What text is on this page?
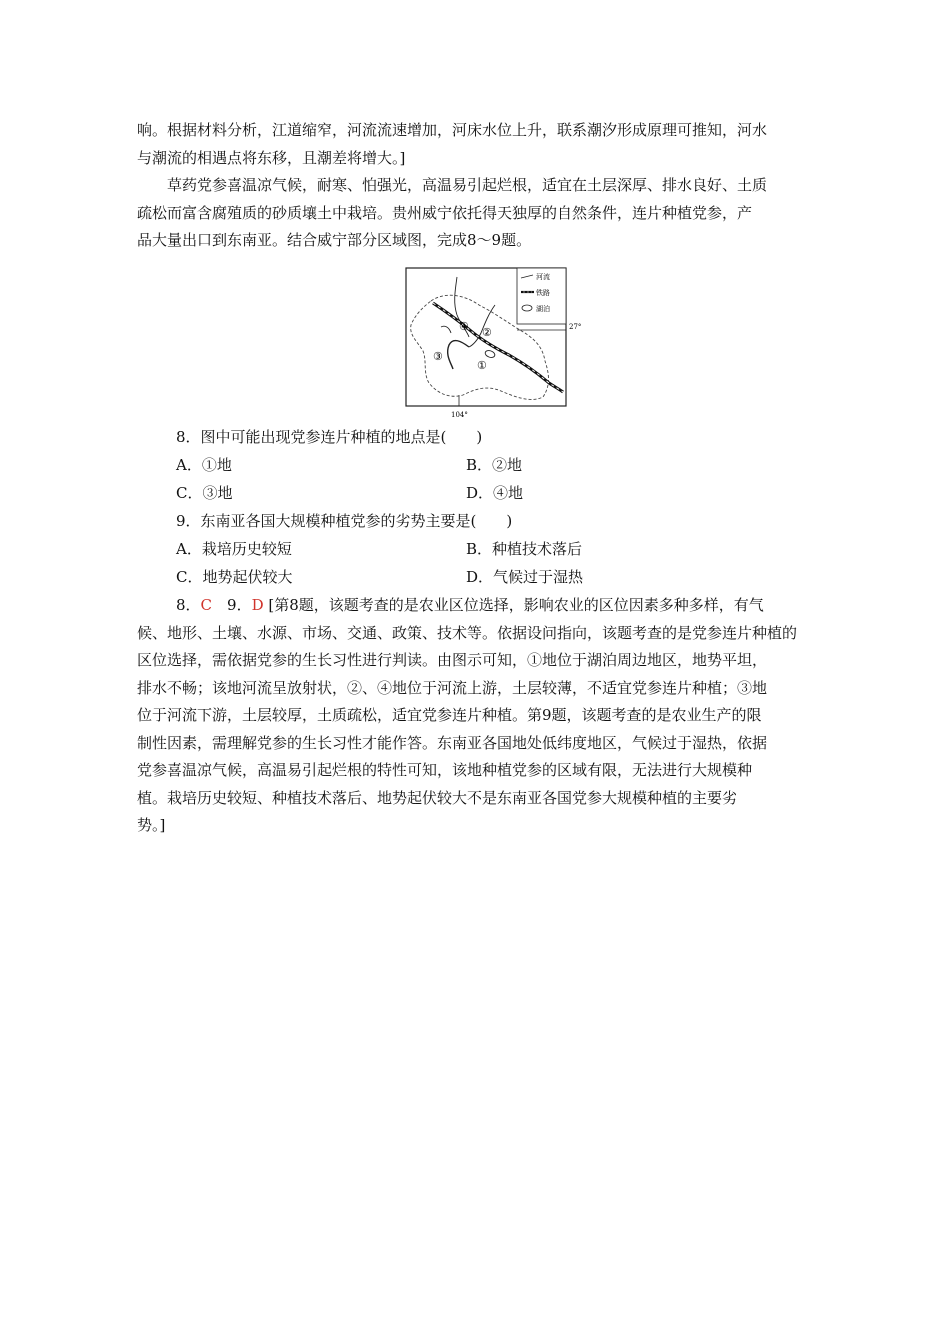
响。根据材料分析，江道缩窄，河流流速增加，河床水位上升，联系潮汐形成原理可推知，河水
与潮流的相遇点将东移，且潮差将增大。]

草药党参喜温凉气候，耐寒、怕强光，高温易引起烂根，适宜在土层深厚、排水良好、土质
疏松而富含腐殖质的砂质壤土中栽培。贵州威宁依托得天独厚的自然条件，连片种植党参，产
品大量出口到东南亚。结合威宁部分区域图，完成8～9题。

河流
铁路
湖泊
27°
104°
④ ②
③
①
8．图中可能出现党参连片种植的地点是(　　)
A．①地	B．②地
C．③地	D．④地
9．东南亚各国大规模种植党参的劣势主要是(　　)
A．栽培历史较短	B．种植技术落后
C．地势起伏较大	D．气候过于湿热

8．C　 9．D [第8题，该题考查的是农业区位选择，影响农业的区位因素多种多样，有气
候、地形、土壤、水源、市场、交通、政策、技术等。依据设问指向，该题考查的是党参连片种植的
区位选择，需依据党参的生长习性进行判读。由图示可知，①地位于湖泊周边地区，地势平坦，
排水不畅；该地河流呈放射状，②、④地位于河流上游，土层较薄，不适宜党参连片种植；③地
位于河流下游，土层较厚，土质疏松，适宜党参连片种植。第9题，该题考查的是农业生产的限
制性因素，需理解党参的生长习性才能作答。东南亚各国地处低纬度地区，气候过于湿热，依据
党参喜温凉气候，高温易引起烂根的特性可知，该地种植党参的区域有限，无法进行大规模种
植。栽培历史较短、种植技术落后、地势起伏较大不是东南亚各国党参大规模种植的主要劣
势。]
